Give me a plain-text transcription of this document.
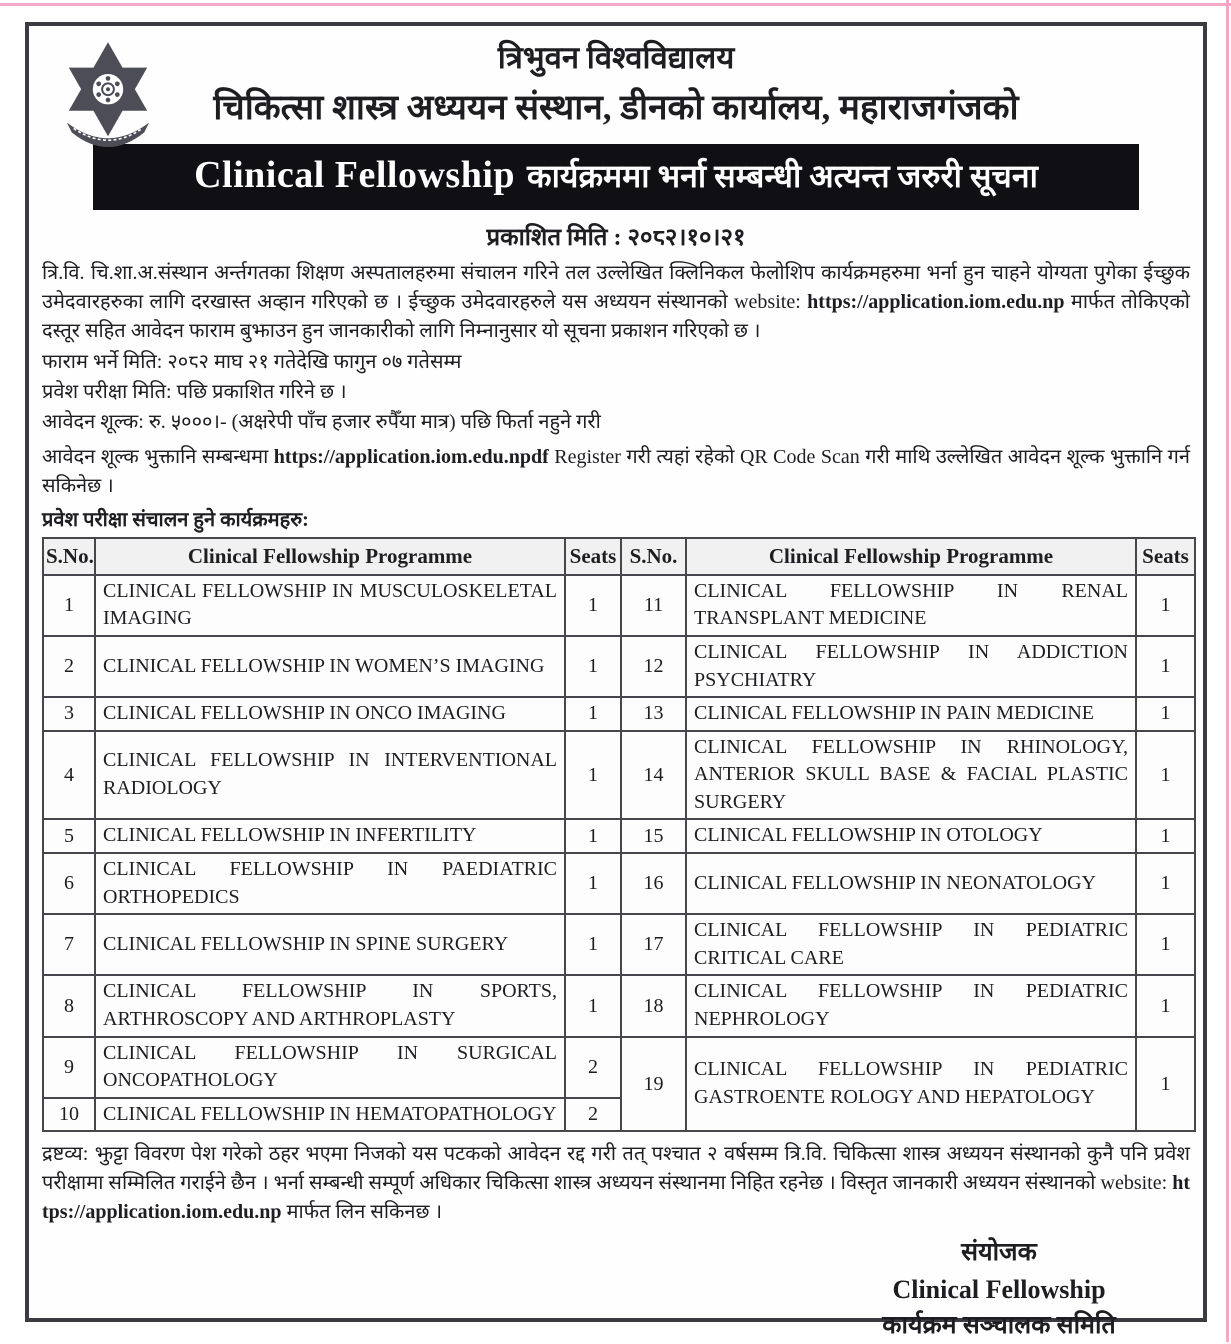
त्रिभुवन विश्वविद्यालय
चिकित्सा शास्त्र अध्ययन संस्थान, डीनको कार्यालय, महाराजगंजको
Clinical Fellowship कार्यक्रममा भर्ना सम्बन्धी अत्यन्त जरुरी सूचना
प्रकाशित मिति : २०८२।१०।२१

त्रि.वि. चि.शा.अ.संस्थान अर्न्तगतका शिक्षण अस्पतालहरुमा संचालन गरिने तल उल्लेखित क्लिनिकल फेलोशिप कार्यक्रमहरुमा भर्ना हुन चाहने योग्यता पुगेका ईच्छुक उमेदवारहरुका लागि दरखास्त अव्हान गरिएको छ । ईच्छुक उमेदवारहरुले यस अध्ययन संस्थानको website: https://application.iom.edu.np मार्फत तोकिएको दस्तूर सहित आवेदन फाराम बुझाउन हुन जानकारीको लागि निम्नानुसार यो सूचना प्रकाशन गरिएको छ ।

फाराम भर्ने मिति: २०८२ माघ २१ गतेदेखि फागुन ०७ गतेसम्म
प्रवेश परीक्षा मिति: पछि प्रकाशित गरिने छ ।
आवेदन शूल्क: रु. ५०००।- (अक्षरेपी पाँच हजार रुपैँया मात्र) पछि फिर्ता नहुने गरी

आवेदन शूल्क भुक्तानि सम्बन्धमा https://application.iom.edu.npdf Register गरी त्यहां रहेको QR Code Scan गरी माथि उल्लेखित आवेदन शूल्क भुक्तानि गर्न सकिनेछ ।

प्रवेश परीक्षा संचालन हुने कार्यक्रमहरु:
S.No.	Clinical Fellowship Programme	Seats	S.No.	Clinical Fellowship Programme	Seats
1	CLINICAL FELLOWSHIP IN MUSCULOSKELETAL IMAGING	1	11	CLINICAL FELLOWSHIP IN RENAL TRANSPLANT MEDICINE	1
2	CLINICAL FELLOWSHIP IN WOMEN’S IMAGING	1	12	CLINICAL FELLOWSHIP IN ADDICTION PSYCHIATRY	1
3	CLINICAL FELLOWSHIP IN ONCO IMAGING	1	13	CLINICAL FELLOWSHIP IN PAIN MEDICINE	1
4	CLINICAL FELLOWSHIP IN INTERVENTIONAL RADIOLOGY	1	14	CLINICAL FELLOWSHIP IN RHINOLOGY, ANTERIOR SKULL BASE & FACIAL PLASTIC SURGERY	1
5	CLINICAL FELLOWSHIP IN INFERTILITY	1	15	CLINICAL FELLOWSHIP IN OTOLOGY	1
6	CLINICAL FELLOWSHIP IN PAEDIATRIC ORTHOPEDICS	1	16	CLINICAL FELLOWSHIP IN NEONATOLOGY	1
7	CLINICAL FELLOWSHIP IN SPINE SURGERY	1	17	CLINICAL FELLOWSHIP IN PEDIATRIC CRITICAL CARE	1
8	CLINICAL FELLOWSHIP IN SPORTS, ARTHROSCOPY AND ARTHROPLASTY	1	18	CLINICAL FELLOWSHIP IN PEDIATRIC NEPHROLOGY	1
9	CLINICAL FELLOWSHIP IN SURGICAL ONCOPATHOLOGY	2	19	CLINICAL FELLOWSHIP IN PEDIATRIC GASTROENTE ROLOGY AND HEPATOLOGY	1
10	CLINICAL FELLOWSHIP IN HEMATOPATHOLOGY	2			

द्रष्टव्य: झुट्टा विवरण पेश गरेको ठहर भएमा निजको यस पटकको आवेदन रद्द गरी तत् पश्चात २ वर्षसम्म त्रि.वि. चिकित्सा शास्त्र अध्ययन संस्थानको कुनै पनि प्रवेश परीक्षामा सम्मिलित गराईने छैन । भर्ना सम्बन्धी सम्पूर्ण अधिकार चिकित्सा शास्त्र अध्ययन संस्थानमा निहित रहनेछ । विस्तृत जानकारी अध्ययन संस्थानको website: https://application.iom.edu.np मार्फत लिन सकिनछ ।

संयोजक
Clinical Fellowship
कार्यक्रम सञ्चालक समिति
